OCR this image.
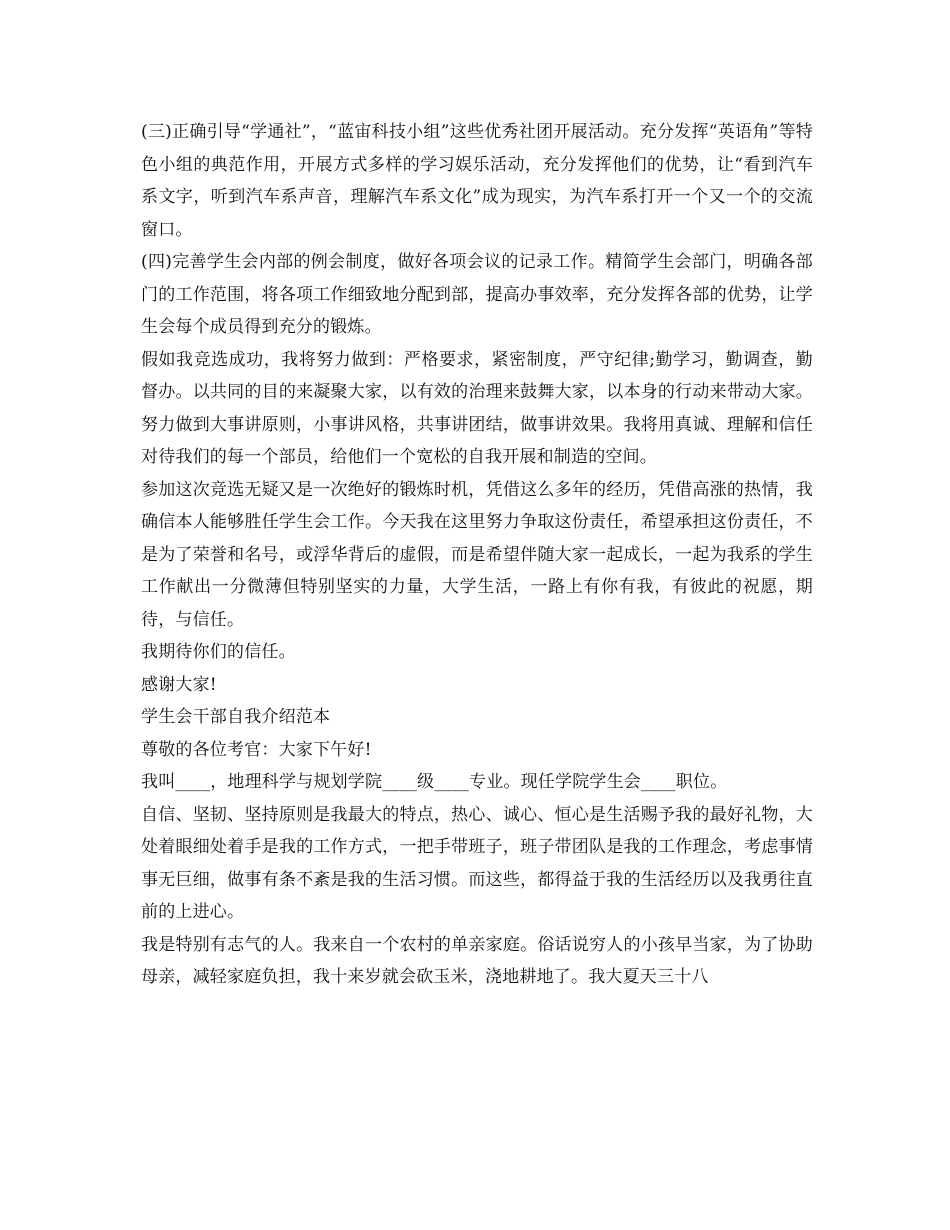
(三)正确引导“学通社”，“蓝宙科技小组”这些优秀社团开展活动。充分发挥“英语角”等特色小组的典范作用，开展方式多样的学习娱乐活动，充分发挥他们的优势，让“看到汽车系文字，听到汽车系声音，理解汽车系文化”成为现实，为汽车系打开一个又一个的交流窗口。

(四)完善学生会内部的例会制度，做好各项会议的记录工作。精简学生会部门，明确各部门的工作范围，将各项工作细致地分配到部，提高办事效率，充分发挥各部的优势，让学生会每个成员得到充分的锻炼。

假如我竞选成功，我将努力做到：严格要求，紧密制度，严守纪律;勤学习，勤调查，勤督办。以共同的目的来凝聚大家，以有效的治理来鼓舞大家，以本身的行动来带动大家。努力做到大事讲原则，小事讲风格，共事讲团结，做事讲效果。我将用真诚、理解和信任对待我们的每一个部员，给他们一个宽松的自我开展和制造的空间。

参加这次竞选无疑又是一次绝好的锻炼时机，凭借这么多年的经历，凭借高涨的热情，我确信本人能够胜任学生会工作。今天我在这里努力争取这份责任，希望承担这份责任，不是为了荣誉和名号，或浮华背后的虚假，而是希望伴随大家一起成长，一起为我系的学生工作献出一分微薄但特别坚实的力量，大学生活，一路上有你有我，有彼此的祝愿，期待，与信任。

我期待你们的信任。

感谢大家!

学生会干部自我介绍范本

尊敬的各位考官：大家下午好!

我叫____，地理科学与规划学院____级____专业。现任学院学生会____职位。

自信、坚韧、坚持原则是我最大的特点，热心、诚心、恒心是生活赐予我的最好礼物，大处着眼细处着手是我的工作方式，一把手带班子，班子带团队是我的工作理念，考虑事情事无巨细，做事有条不紊是我的生活习惯。而这些，都得益于我的生活经历以及我勇往直前的上进心。

我是特别有志气的人。我来自一个农村的单亲家庭。俗话说穷人的小孩早当家，为了协助母亲，减轻家庭负担，我十来岁就会砍玉米，浇地耕地了。我大夏天三十八
